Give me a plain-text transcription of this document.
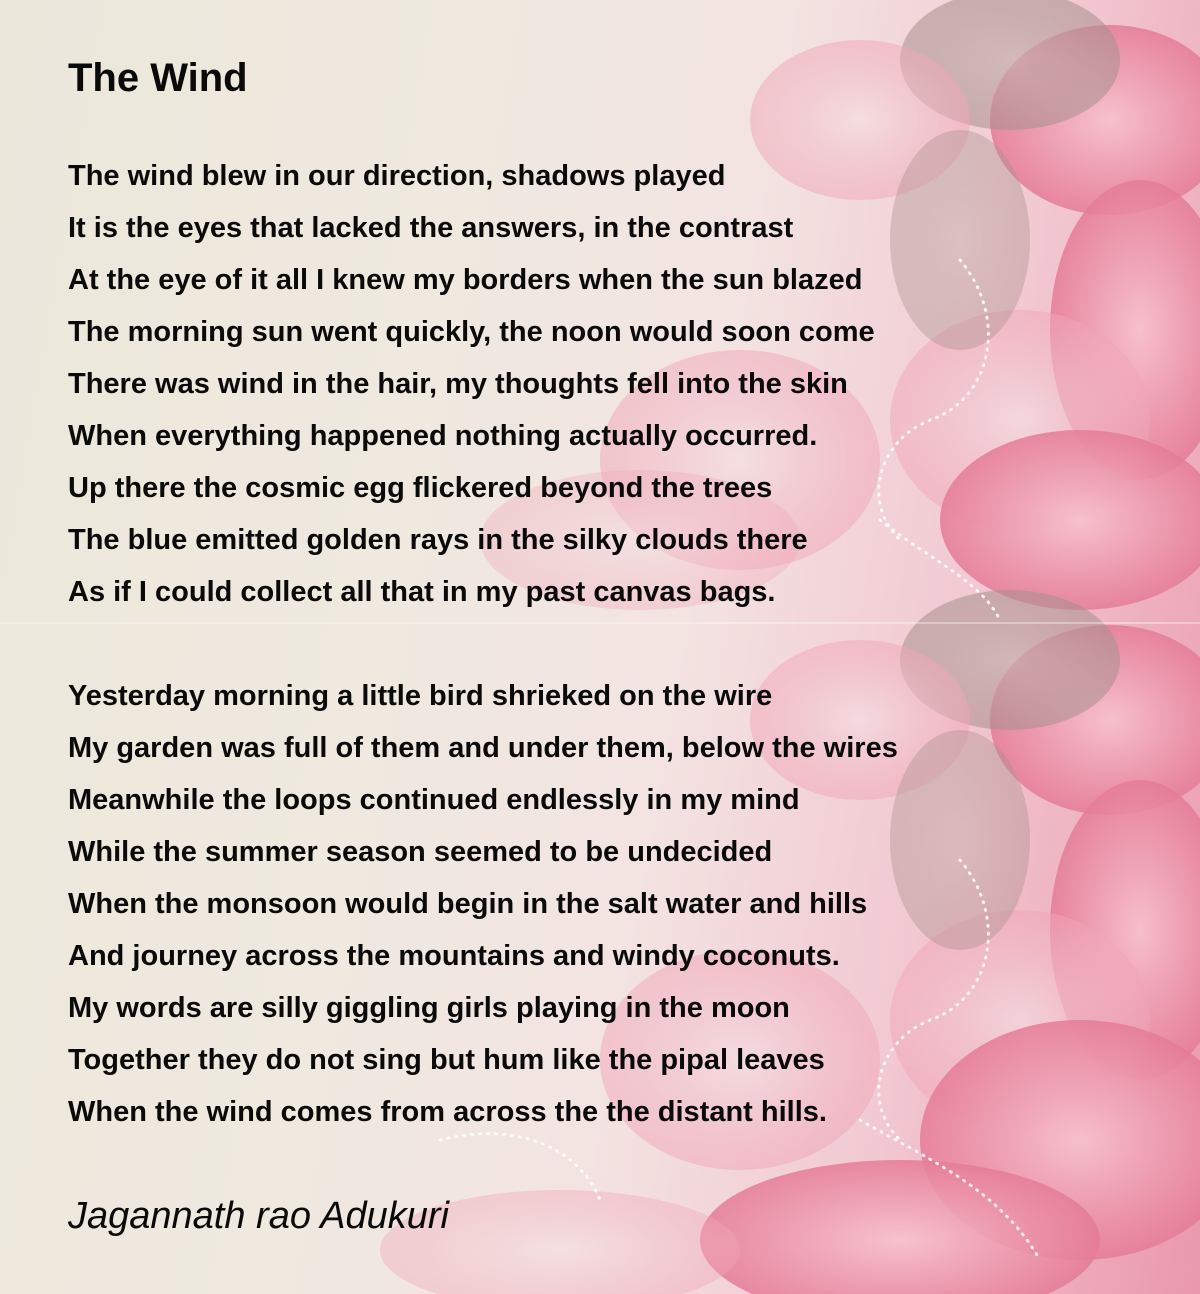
The Wind
The wind blew in our direction, shadows played
It is the eyes that lacked the answers, in the contrast
At the eye of it all I knew my borders when the sun blazed
The morning sun went quickly, the noon would soon come
There was wind in the hair, my thoughts fell into the skin
When everything happened nothing actually occurred.
Up there the cosmic egg flickered beyond the trees
The blue emitted golden rays in the silky clouds there
As if I could collect all that in my past canvas bags.
Yesterday morning a little bird shrieked on the wire
My garden was full of them and under them, below the wires
Meanwhile the loops continued endlessly in my mind
While the summer season seemed to be undecided
When the monsoon would begin in the salt water and hills
And journey across the mountains and windy coconuts.
My words are silly giggling girls playing in the moon
Together they do not sing but hum like the pipal leaves
When the wind comes from across the the distant hills.
Jagannath rao Adukuri
